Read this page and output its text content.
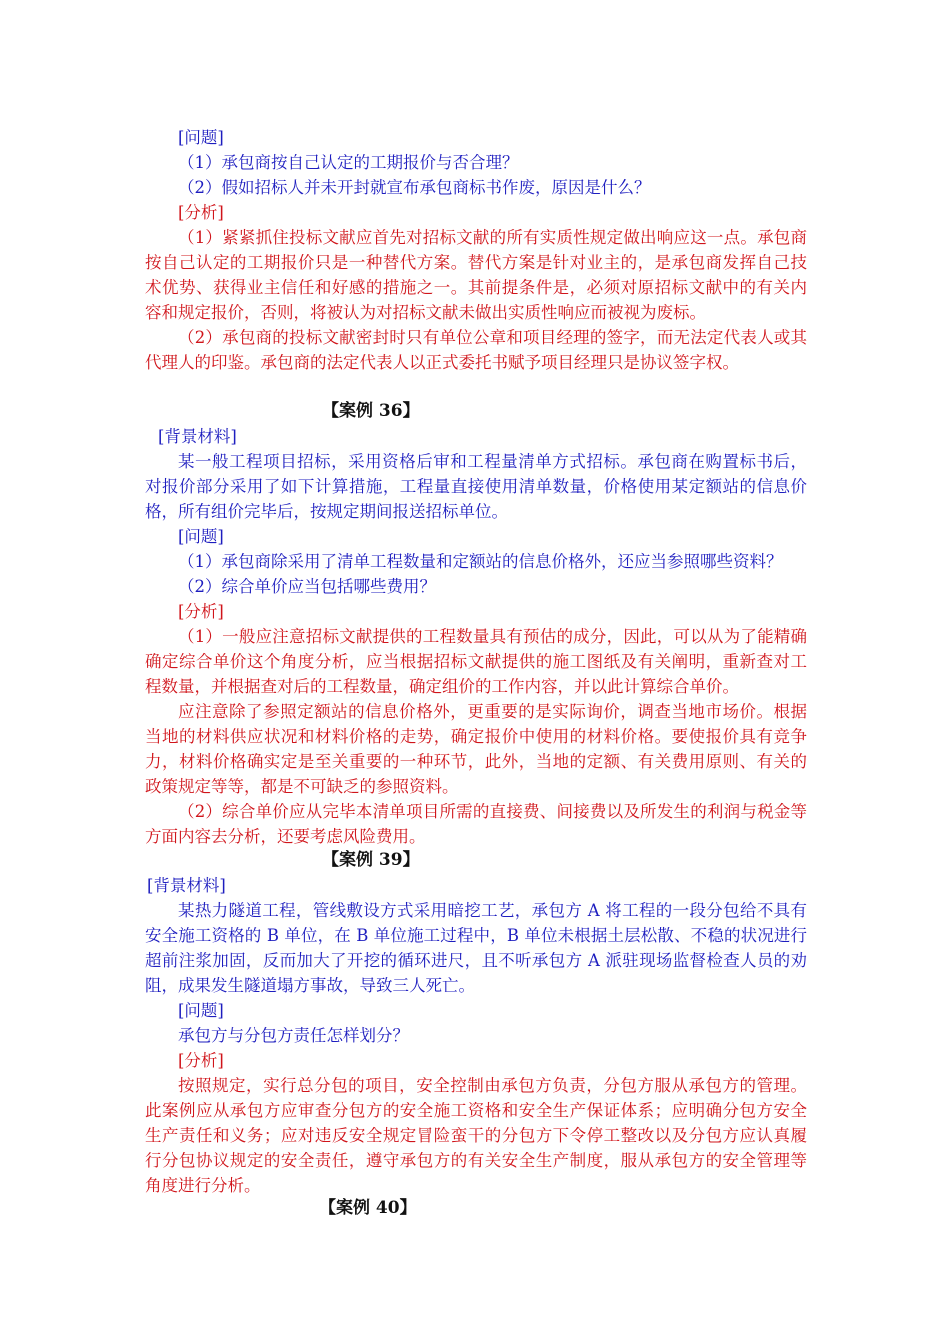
[问题]
（1）承包商按自己认定的工期报价与否合理？
（2）假如招标人并未开封就宣布承包商标书作废，原因是什么？
[分析]
（1）紧紧抓住投标文献应首先对招标文献的所有实质性规定做出响应这一点。承包商
按自己认定的工期报价只是一种替代方案。替代方案是针对业主的，是承包商发挥自己技
术优势、获得业主信任和好感的措施之一。其前提条件是，必须对原招标文献中的有关内
容和规定报价，否则，将被认为对招标文献未做出实质性响应而被视为废标。
（2）承包商的投标文献密封时只有单位公章和项目经理的签字，而无法定代表人或其
代理人的印鉴。承包商的法定代表人以正式委托书赋予项目经理只是协议签字权。
【案例 36】
[背景材料]
某一般工程项目招标，采用资格后审和工程量清单方式招标。承包商在购置标书后，
对报价部分采用了如下计算措施，工程量直接使用清单数量，价格使用某定额站的信息价
格，所有组价完毕后，按规定期间报送招标单位。
[问题]
（1）承包商除采用了清单工程数量和定额站的信息价格外，还应当参照哪些资料？
（2）综合单价应当包括哪些费用？
[分析]
（1）一般应注意招标文献提供的工程数量具有预估的成分，因此，可以从为了能精确
确定综合单价这个角度分析，应当根据招标文献提供的施工图纸及有关阐明，重新查对工
程数量，并根据查对后的工程数量，确定组价的工作内容，并以此计算综合单价。
应注意除了参照定额站的信息价格外，更重要的是实际询价，调查当地市场价。根据
当地的材料供应状况和材料价格的走势，确定报价中使用的材料价格。要使报价具有竞争
力，材料价格确实定是至关重要的一种环节，此外，当地的定额、有关费用原则、有关的
政策规定等等，都是不可缺乏的参照资料。
（2）综合单价应从完毕本清单项目所需的直接费、间接费以及所发生的利润与税金等
方面内容去分析，还要考虑风险费用。
【案例 39】
[背景材料]
某热力隧道工程，管线敷设方式采用暗挖工艺，承包方 A 将工程的一段分包给不具有
安全施工资格的 B 单位，在 B 单位施工过程中，B 单位未根据土层松散、不稳的状况进行
超前注浆加固，反而加大了开挖的循环进尺，且不听承包方 A 派驻现场监督检查人员的劝
阻，成果发生隧道塌方事故，导致三人死亡。
[问题]
承包方与分包方责任怎样划分？
[分析]
按照规定，实行总分包的项目，安全控制由承包方负责，分包方服从承包方的管理。
此案例应从承包方应审查分包方的安全施工资格和安全生产保证体系；应明确分包方安全
生产责任和义务；应对违反安全规定冒险蛮干的分包方下令停工整改以及分包方应认真履
行分包协议规定的安全责任，遵守承包方的有关安全生产制度，服从承包方的安全管理等
角度进行分析。
【案例 40】
